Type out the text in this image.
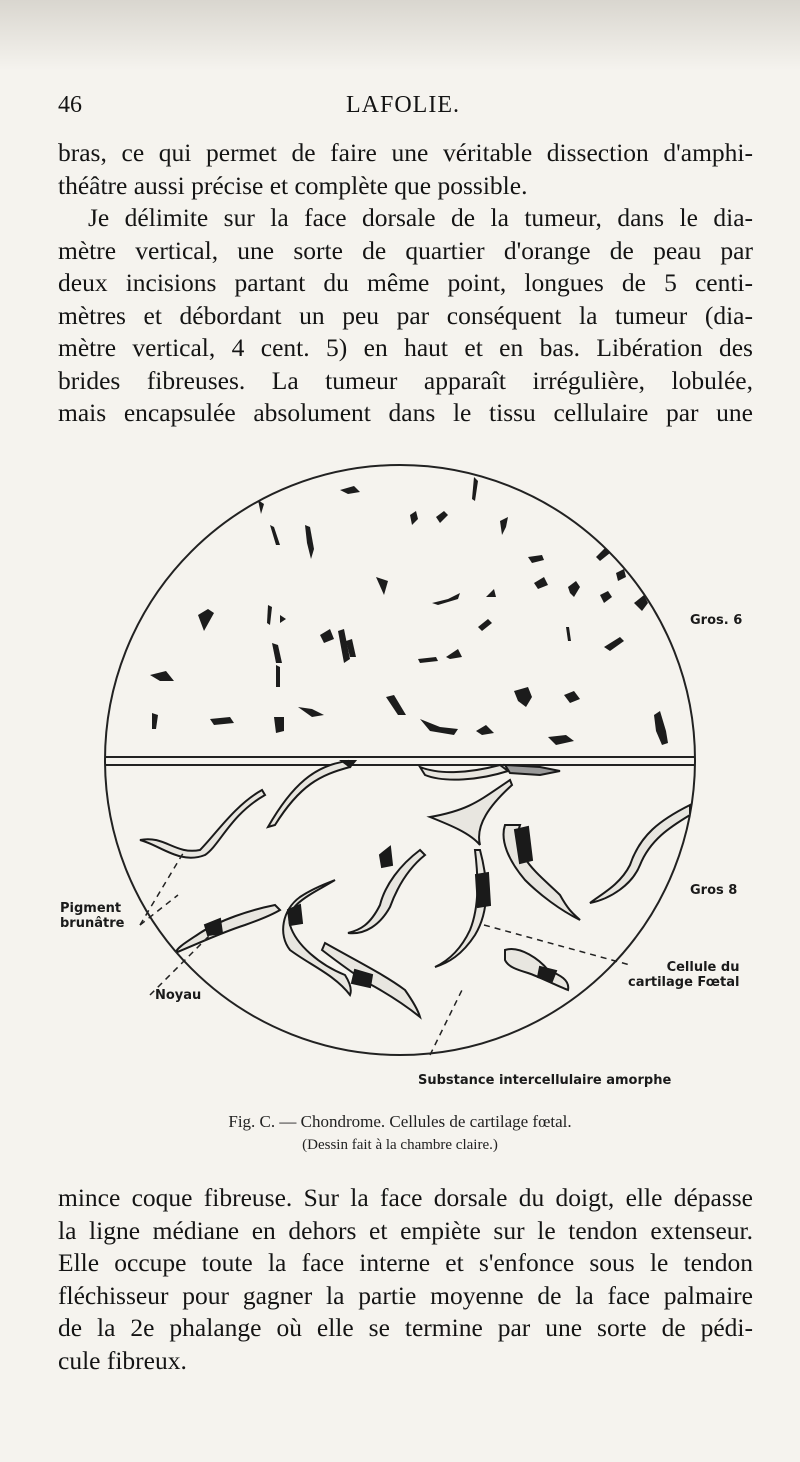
46	LAFOLIE.

bras, ce qui permet de faire une véritable dissection d'amphi-

théâtre aussi précise et complète que possible.

Je délimite sur la face dorsale de la tumeur, dans le dia-

mètre vertical, une sorte de quartier d'orange de peau par

deux incisions partant du même point, longues de 5 centi-

mètres et débordant un peu par conséquent la tumeur (dia-

mètre vertical, 4 cent. 5) en haut et en bas. Libération des

brides fibreuses. La tumeur apparaît irrégulière, lobulée,

mais encapsulée absolument dans le tissu cellulaire par une

Gros. 6
Gros 8
Pigment
brunâtre
Noyau
Cellule du
cartilage Fœtal
Substance intercellulaire amorphe
Fig. C. — Chondrome. Cellules de cartilage fœtal.
(Dessin fait à la chambre claire.)

mince coque fibreuse. Sur la face dorsale du doigt, elle dépasse

la ligne médiane en dehors et empiète sur le tendon extenseur.

Elle occupe toute la face interne et s'enfonce sous le tendon

fléchisseur pour gagner la partie moyenne de la face palmaire

de la 2e phalange où elle se termine par une sorte de pédi-

cule fibreux.
